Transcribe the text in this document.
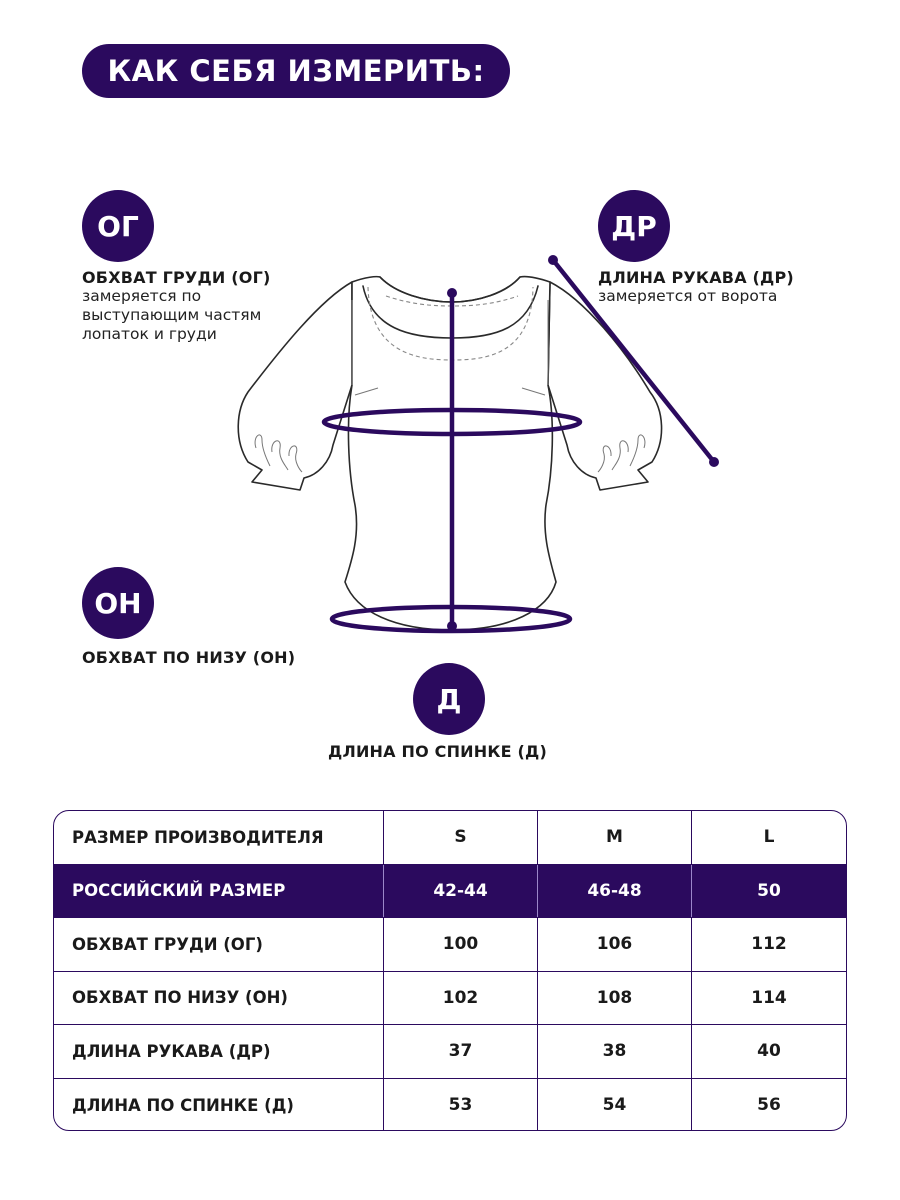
КАК СЕБЯ ИЗМЕРИТЬ:
ОГ
ОБХВАТ ГРУДИ (ОГ)
замеряется по
выступающим частям
лопаток и груди
ДР
ДЛИНА РУКАВА (ДР)
замеряется от ворота
ОН
ОБХВАТ ПО НИЗУ (ОН)
Д
ДЛИНА ПО СПИНКЕ (Д)
РАЗМЕР ПРОИЗВОДИТЕЛЯ	S	M	L
РОССИЙСКИЙ РАЗМЕР	42-44	46-48	50
ОБХВАТ ГРУДИ (ОГ)	100	106	112
ОБХВАТ ПО НИЗУ (ОН)	102	108	114
ДЛИНА РУКАВА (ДР)	37	38	40
ДЛИНА ПО СПИНКЕ (Д)	53	54	56
